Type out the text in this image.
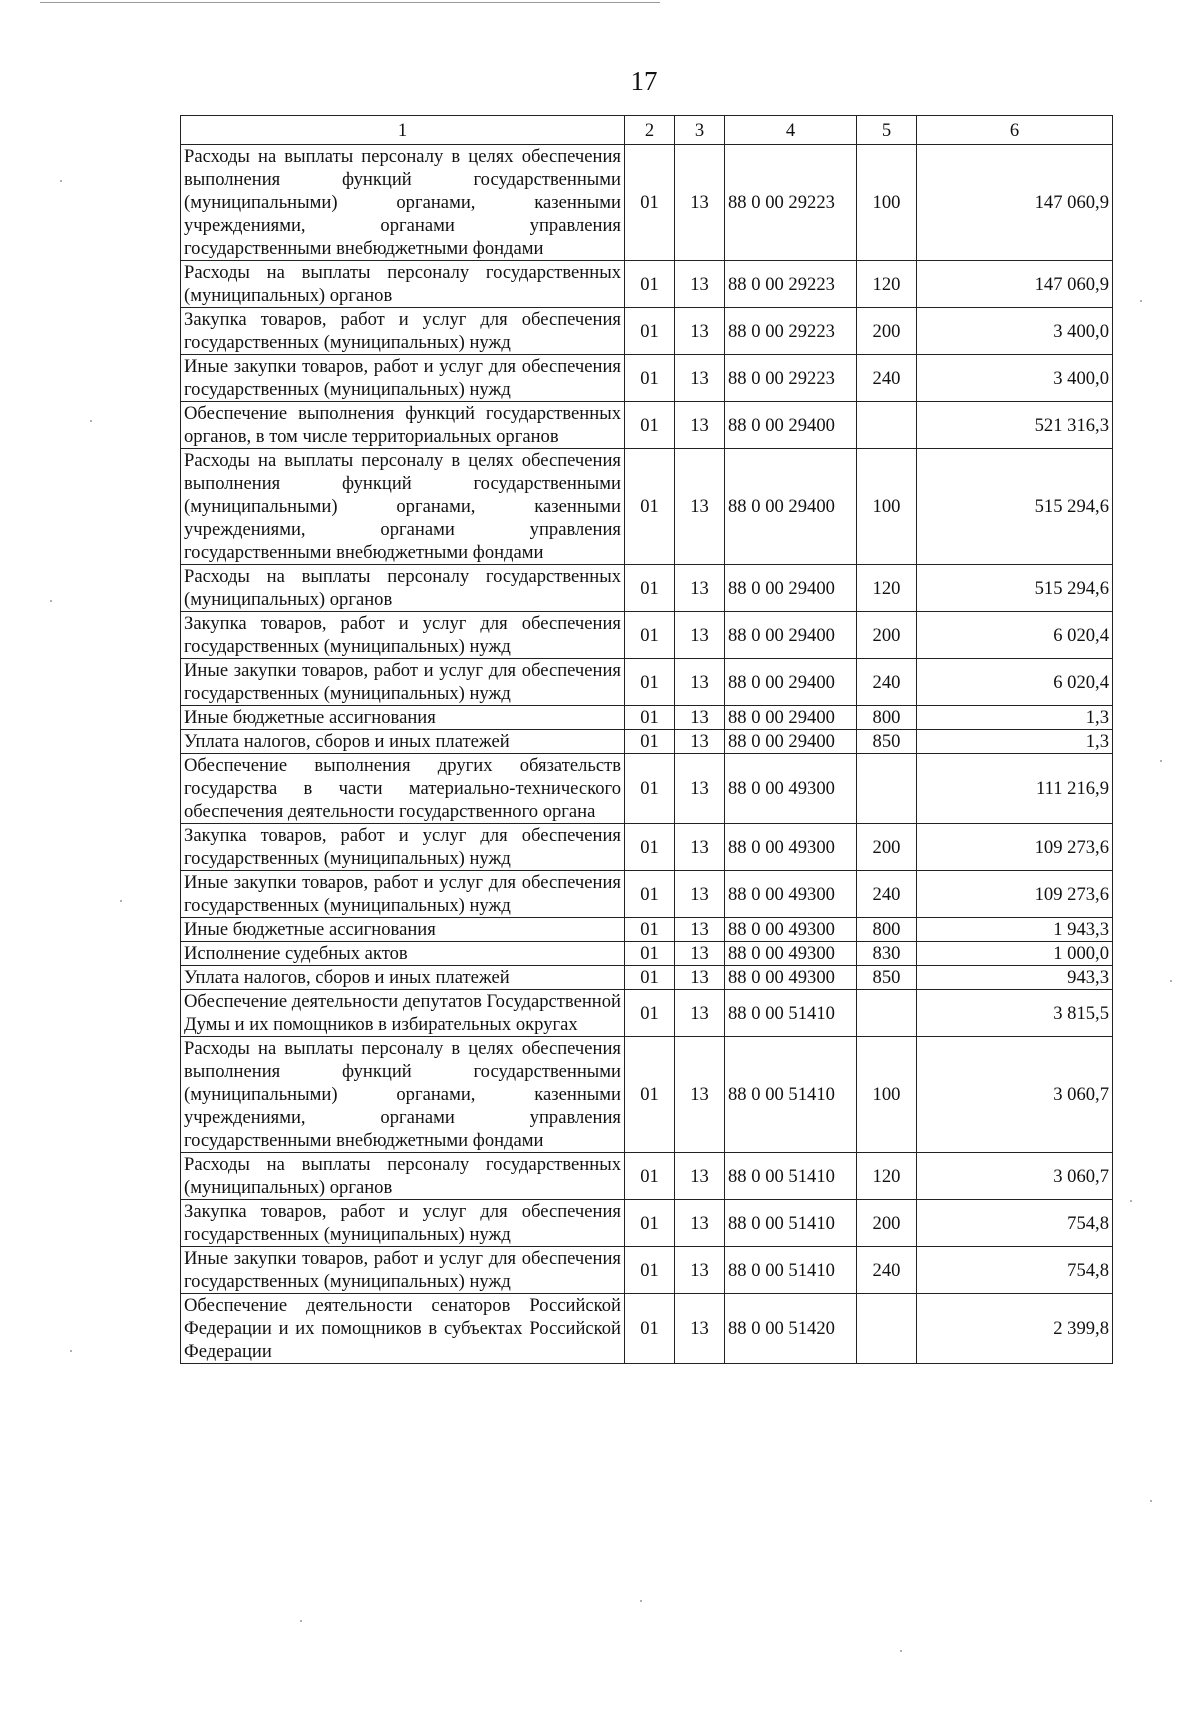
17
1	2	3	4	5	6
Расходы на выплаты персоналу в целях обеспечения выполнения функций государственными (муниципальными) органами, казенными учреждениями, органами управления государственными внебюджетными фондами	01	13	88 0 00 29223	100	147 060,9
Расходы на выплаты персоналу государственных (муниципальных) органов	01	13	88 0 00 29223	120	147 060,9
Закупка товаров, работ и услуг для обеспечения государственных (муниципальных) нужд	01	13	88 0 00 29223	200	3 400,0
Иные закупки товаров, работ и услуг для обеспечения государственных (муниципальных) нужд	01	13	88 0 00 29223	240	3 400,0
Обеспечение выполнения функций государственных органов, в том числе территориальных органов	01	13	88 0 00 29400		521 316,3
Расходы на выплаты персоналу в целях обеспечения выполнения функций государственными (муниципальными) органами, казенными учреждениями, органами управления государственными внебюджетными фондами	01	13	88 0 00 29400	100	515 294,6
Расходы на выплаты персоналу государственных (муниципальных) органов	01	13	88 0 00 29400	120	515 294,6
Закупка товаров, работ и услуг для обеспечения государственных (муниципальных) нужд	01	13	88 0 00 29400	200	6 020,4
Иные закупки товаров, работ и услуг для обеспечения государственных (муниципальных) нужд	01	13	88 0 00 29400	240	6 020,4
Иные бюджетные ассигнования	01	13	88 0 00 29400	800	1,3
Уплата налогов, сборов и иных платежей	01	13	88 0 00 29400	850	1,3
Обеспечение выполнения других обязательств государства в части материально-технического обеспечения деятельности государственного органа	01	13	88 0 00 49300		111 216,9
Закупка товаров, работ и услуг для обеспечения государственных (муниципальных) нужд	01	13	88 0 00 49300	200	109 273,6
Иные закупки товаров, работ и услуг для обеспечения государственных (муниципальных) нужд	01	13	88 0 00 49300	240	109 273,6
Иные бюджетные ассигнования	01	13	88 0 00 49300	800	1 943,3
Исполнение судебных актов	01	13	88 0 00 49300	830	1 000,0
Уплата налогов, сборов и иных платежей	01	13	88 0 00 49300	850	943,3
Обеспечение деятельности депутатов Государственной Думы и их помощников в избирательных округах	01	13	88 0 00 51410		3 815,5
Расходы на выплаты персоналу в целях обеспечения выполнения функций государственными (муниципальными) органами, казенными учреждениями, органами управления государственными внебюджетными фондами	01	13	88 0 00 51410	100	3 060,7
Расходы на выплаты персоналу государственных (муниципальных) органов	01	13	88 0 00 51410	120	3 060,7
Закупка товаров, работ и услуг для обеспечения государственных (муниципальных) нужд	01	13	88 0 00 51410	200	754,8
Иные закупки товаров, работ и услуг для обеспечения государственных (муниципальных) нужд	01	13	88 0 00 51410	240	754,8
Обеспечение деятельности сенаторов Российской Федерации и их помощников в субъектах Российской Федерации	01	13	88 0 00 51420		2 399,8
